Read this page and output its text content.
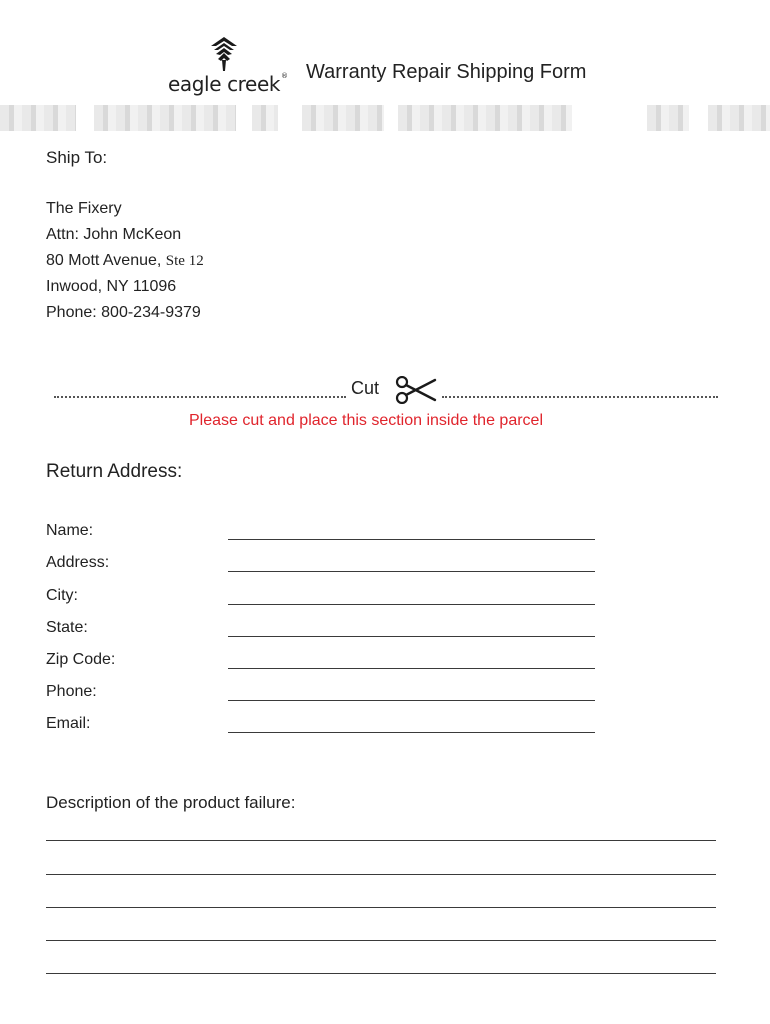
eagle creek® Warranty Repair Shipping Form
Ship To:
The Fixery
Attn: John McKeon
80 Mott Avenue, Ste 12
Inwood, NY 11096
Phone: 800-234-9379
Cut
Please cut and place this section inside the parcel
Return Address:
Name:
Address:
City:
State:
Zip Code:
Phone:
Email:
Description of the product failure:
